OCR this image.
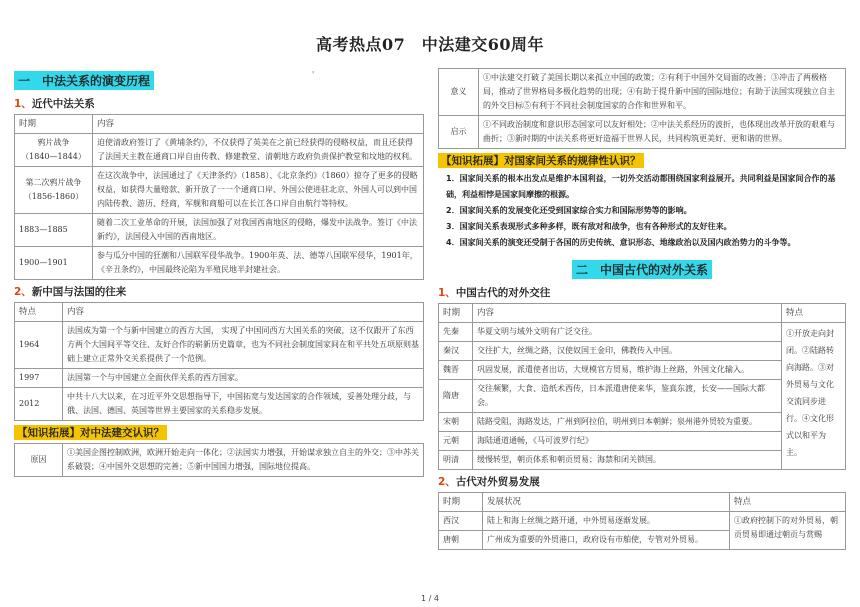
高考热点07　中法建交60周年
'
一　中法关系的演变历程
1、近代中法关系
时期	内容

鸦片战争
（1840—1844）	迫使清政府签订了《黄埔条约》，不仅获得了英美在之前已经获得的侵略权益，而且还获得了法国天主教在通商口岸自由传教、修建教堂、清朝地方政府负责保护教堂和坟地的权利。

第二次鸦片战争
（1856-1860）	在这次战争中，法国通过了《天津条约》（1858）、《北京条约》（1860）掠夺了更多的侵略权益，如获得大量赔款、新开放了一一个通商口岸、外国公使进驻北京、外国人可以到中国内陆传教、游历、经商，军舰和商船可以在长江各口岸自由航行等特权。
1883—1885	随着二次工业革命的开展，法国加强了对我国西南地区的侵略，爆发中法战争。签订《中法新约》，法国侵入中国的西南地区。
1900—1901	参与瓜分中国的狂潮和八国联军侵华战争。1900年英、法、德等八国联军侵华，1901年，《辛丑条约》，中国最终沦陷为半殖民地半封建社会。
2、新中国与法国的往来
特点	内容
1964	法国成为第一个与新中国建立的西方大国， 实现了中国同西方大国关系的突破，这不仅跟开了东西方两个大国间平等交往、友好合作的崭新历史篇章，也为不同社会制度国家间在和平共处五项原则基础上建立正常外交关系提供了一个范例。
1997	法国第一个与中国建立全面伙伴关系的西方国家。
2012	中共十八大以来，在习近平外交思想指导下，中国拓宽与发达国家的合作领域，妥善处理分歧，与俄、法国、德国、英国等世界主要国家的关系稳步发展。
【知识拓展】对中法建交认识？
原因	①美国企图控制欧洲，欧洲开始走向一体化；②法国实力增强，开始谋求独立自主的外交；③中苏关系破裂；④中国外交思想的完善；⑤新中国国力增强，国际地位提高。
意义	①中法建交打破了美国长期以来孤立中国的政策；②有利于中国外交局面的改善；③冲击了两极格局，推动了世界格局多极化趋势的出现；④有助于提升新中国的国际地位；有助于法国实现独立自主的外交目标⑤有利于不同社会制度国家的合作和世界和平。
启示	①不同政治制度和意识形态国家可以友好相处；②中法关系经历的波折，也体现出改革开放的艰难与曲折；③新时期的中法关系将更好造福于世界人民，共同构筑更美好、更和谐的世界。
【知识拓展】对国家间关系的规律性认识？
1．国家间关系的根本出发点是维护本国利益，一切外交活动都围绕国家利益展开。共同利益是国家间合作的基础，利益相悖是国家间摩擦的根源。
2．国家间关系的发展变化还受到国家综合实力和国际形势等的影响。
3．国家间关系表现形式多种多样，既有敌对和战争，也有各种形式的友好往来。
4．国家间关系的演变还受制于各国的历史传统、意识形态、地缘政治以及国内政治势力的斗争等。
二　中国古代的对外关系
1、中国古代的对外交往
时期	内容	特点
先秦	华夏文明与域外文明有广泛交往。	①开放走向封闭。②陆路转向海路。③对外贸易与文化交流同步进行。④文化形式以和平为主。
秦汉	交往扩大，丝绸之路，汉使奴国王金印，佛教传入中国。	
魏晋	巩固发展，派遣使者出访，大规模官方贸易，维护海上丝路，外国文化输入。	
隋唐	交往频繁，大食、造纸术西传，日本派遣唐使来华，鉴真东渡，长安——国际大都会。	
宋朝	陆路受阻，海路发达，广州到阿拉伯，明州到日本朝鲜；泉州港外贸较为重要。	
元朝	海陆通道通畅，《马可波罗行纪》	
明清	缓慢转型，朝贡体系和朝贡贸易；海禁和闭关锁国。	
2、古代对外贸易发展
时期	发展状况	特点
西汉	陆上和海上丝绸之路开通，中外贸易逐渐发展。	①政府控制下的对外贸易，朝贡贸易即通过朝贡与赏赐
唐朝	广州成为重要的外贸港口，政府设有市舶使，专管对外贸易。	
1 / 4
